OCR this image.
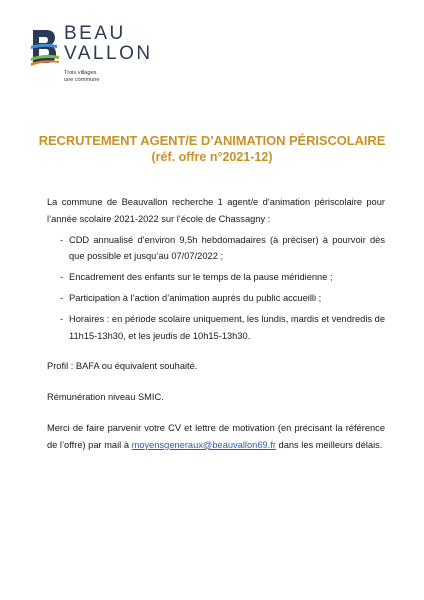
BEAU
VALLON
Trois villages
une commune
RECRUTEMENT AGENT/E D’ANIMATION PÉRISCOLAIRE
(réf. offre n°2021-12)

La commune de Beauvallon recherche 1 agent/e d’animation périscolaire pour l’année scolaire 2021-2022 sur l’école de Chassagny :

- CDD annualisé d’environ 9,5h hebdomadaires (à préciser) à pourvoir dès que possible et jusqu’au 07/07/2022 ;

- Encadrement des enfants sur le temps de la pause méridienne ;

- Participation à l’action d’animation auprès du public accueilli ;

- Horaires : en période scolaire uniquement, les lundis, mardis et vendredis de 11h15-13h30, et les jeudis de 10h15-13h30.

Profil : BAFA ou équivalent souhaité.

Rémunération niveau SMIC.

Merci de faire parvenir votre CV et lettre de motivation (en précisant la référence de l’offre) par mail à moyensgeneraux@beauvallon69.fr dans les meilleurs délais.
